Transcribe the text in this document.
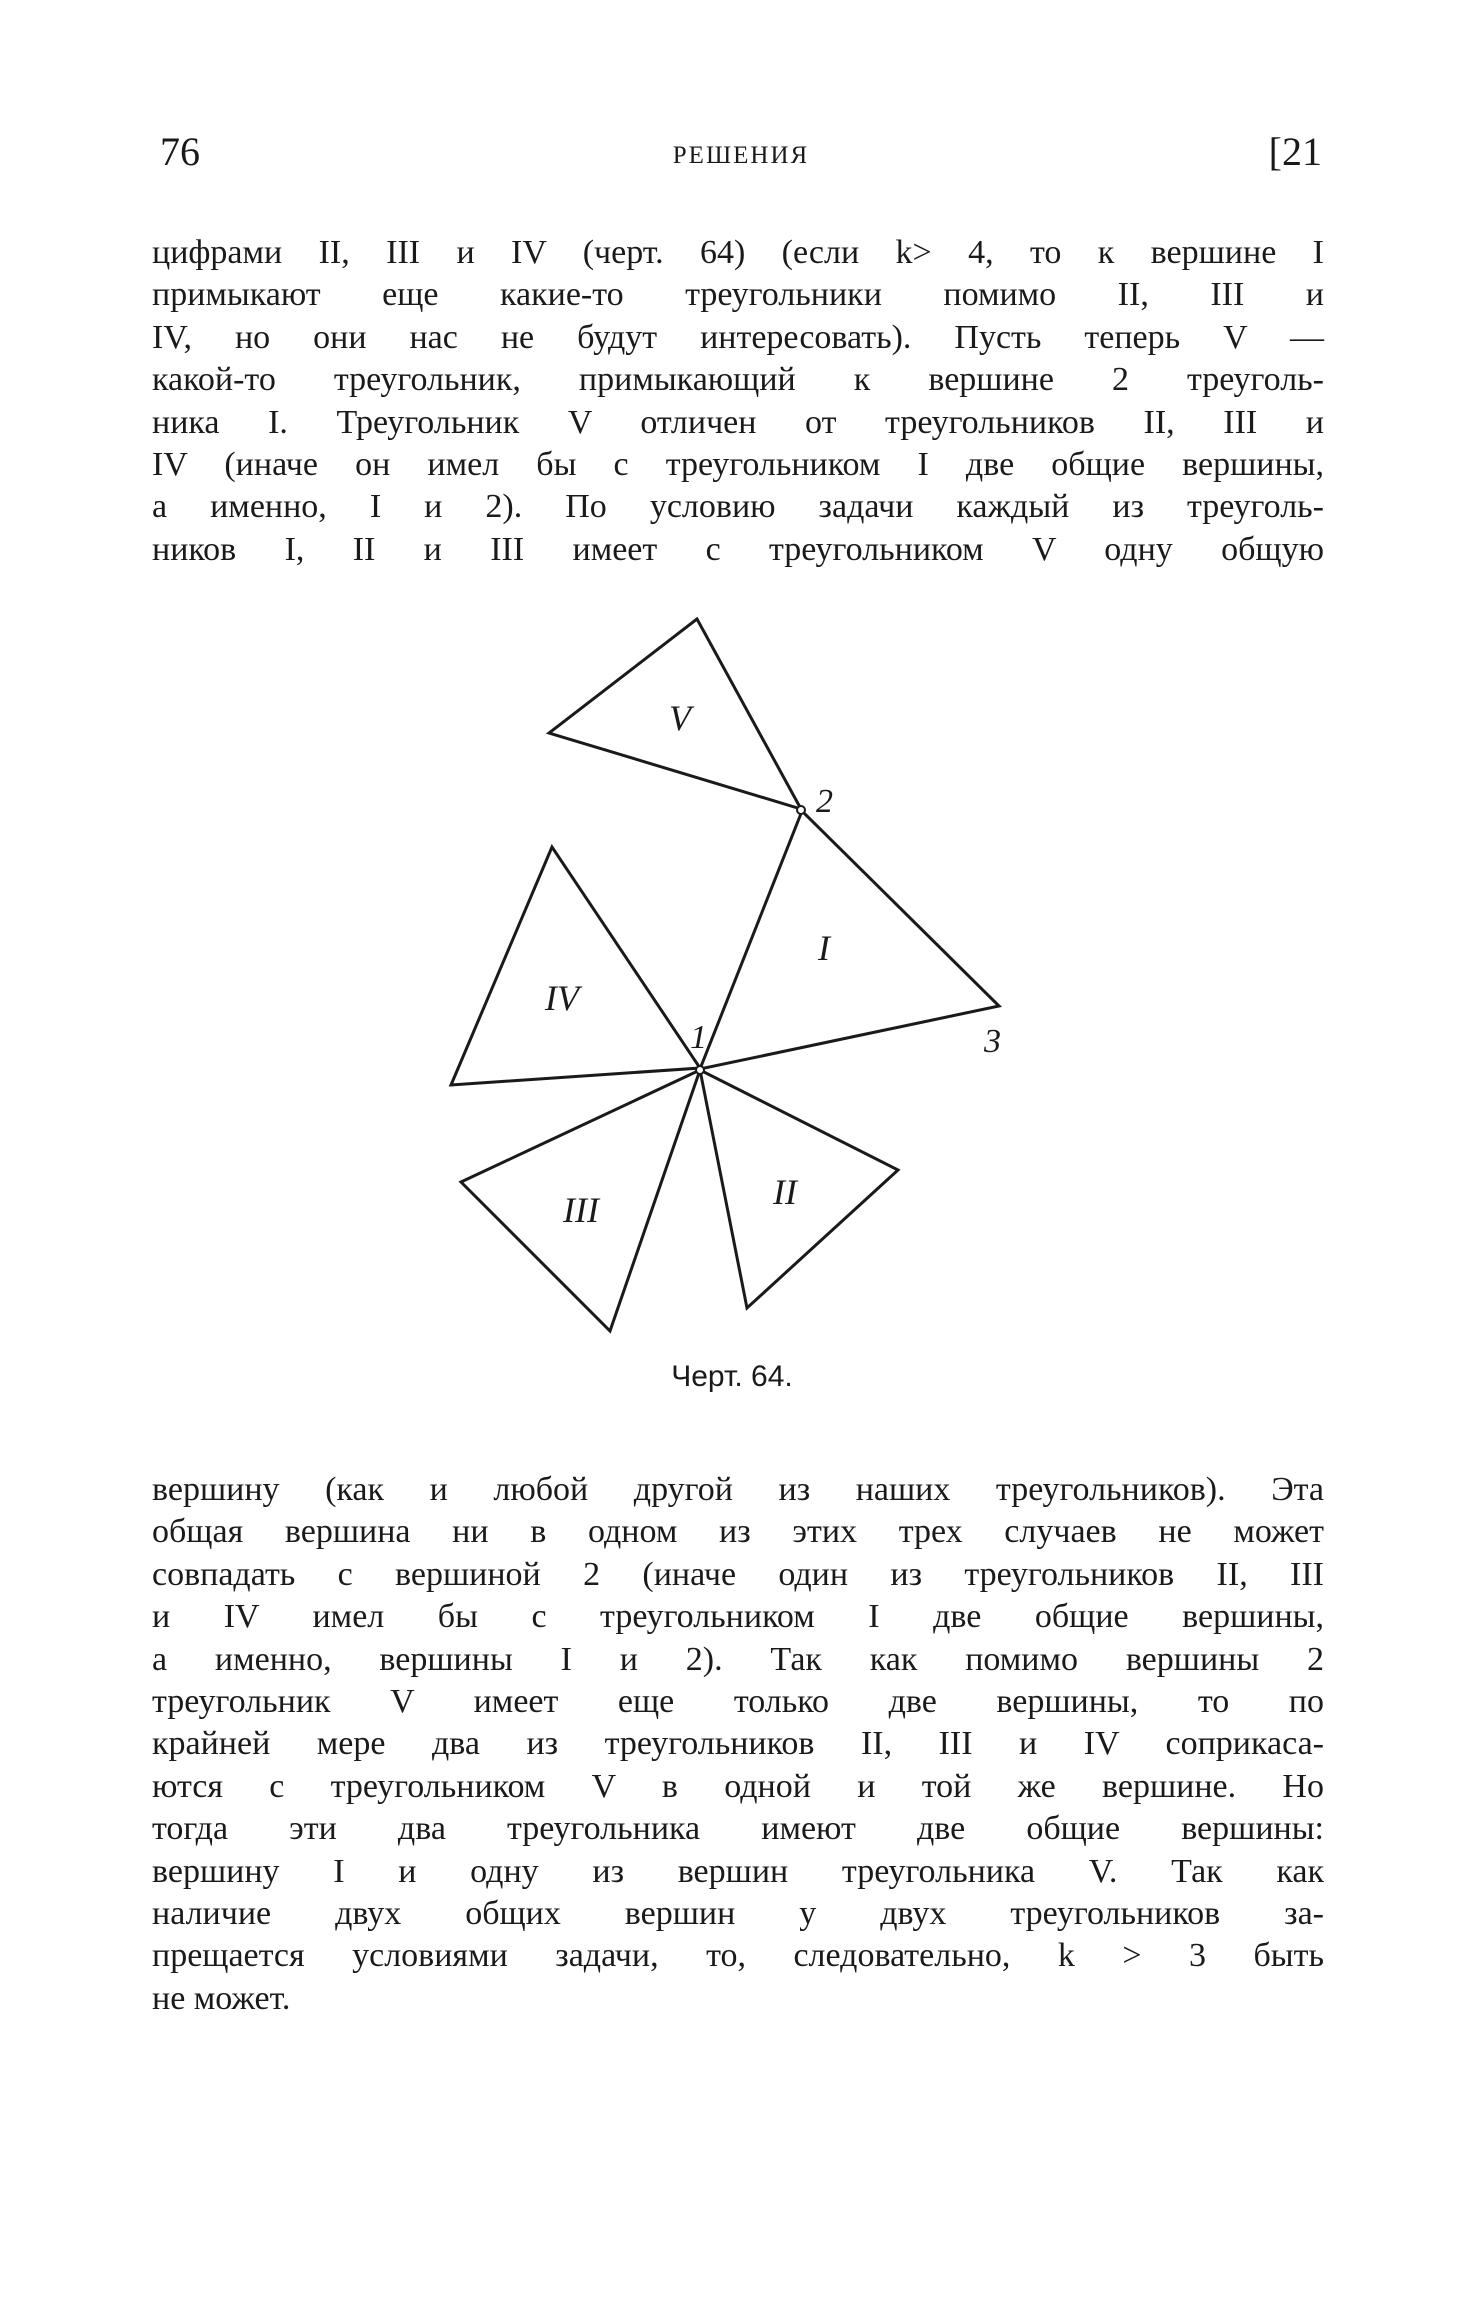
76	РЕШЕНИЯ	[21
цифрами II, III и IV (черт. 64) (если k> 4, то к вершине I
примыкают еще какие-то треугольники помимо II, III и
IV, но они нас не будут интересовать). Пусть теперь V —
какой-то треугольник, примыкающий к вершине 2 треуголь-
ника I. Треугольник V отличен от треугольников II, III и
IV (иначе он имел бы с треугольником I две общие вершины,
а именно, I и 2). По условию задачи каждый из треуголь-
ников I, II и III имеет с треугольником V одну общую
V
I
IV
III	II
1
2
3
Черт. 64.
вершину (как и любой другой из наших треугольников). Эта
общая вершина ни в одном из этих трех случаев не может
совпадать с вершиной 2 (иначе один из треугольников II, III
и IV имел бы с треугольником I две общие вершины,
а именно, вершины I и 2). Так как помимо вершины 2
треугольник V имеет еще только две вершины, то по
крайней мере два из треугольников II, III и IV соприкаса-
ются с треугольником V в одной и той же вершине. Но
тогда эти два треугольника имеют две общие вершины:
вершину I и одну из вершин треугольника V. Так как
наличие двух общих вершин у двух треугольников за-
прещается условиями задачи, то, следовательно, k > 3 быть
не может.
